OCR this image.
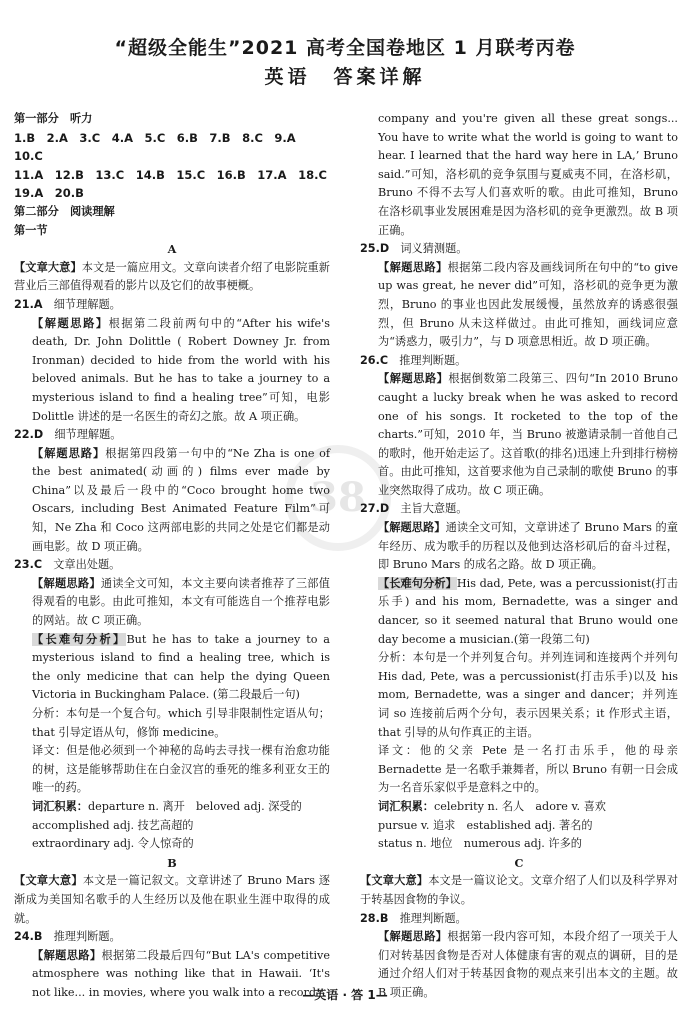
“超级全能生”2021 高考全国卷地区 1 月联考丙卷
英语　答案详解
38
第一部分　听力
1.B　2.A　3.C　4.A　5.C　6.B　7.B　8.C　9.A　10.C
11.A　12.B　13.C　14.B　15.C　16.B　17.A　18.C
19.A　20.B
第二部分　阅读理解
第一节
A

【文章大意】本文是一篇应用文。文章向读者介绍了电影院重新营业后三部值得观看的影片以及它们的故事梗概。

21.A　 细节理解题。

【解题思路】根据第二段前两句中的“After his wife's death, Dr. John Dolittle ( Robert Downey Jr. from Ironman) decided to hide from the world with his beloved animals. But he has to take a journey to a mysterious island to find a healing tree”可知，电影 Dolittle 讲述的是一名医生的奇幻之旅。故 A 项正确。

22.D　 细节理解题。

【解题思路】根据第四段第一句中的“Ne Zha is one of the best animated(动画的) films ever made by China”以及最后一段中的“Coco brought home two Oscars, including Best Animated Feature Film”可知，Ne Zha 和 Coco 这两部电影的共同之处是它们都是动画电影。故 D 项正确。

23.C　 文章出处题。

【解题思路】通读全文可知，本文主要向读者推荐了三部值得观看的电影。由此可推知，本文有可能选自一个推荐电影的网站。故 C 项正确。

【长难句分析】But he has to take a journey to a mysterious island to find a healing tree, which is the only medicine that can help the dying Queen Victoria in Buckingham Palace. (第二段最后一句)

分析：本句是一个复合句。which 引导非限制性定语从句；that 引导定语从句，修饰 medicine。

译文：但是他必须到一个神秘的岛屿去寻找一棵有治愈功能的树，这是能够帮助住在白金汉宫的垂死的维多利亚女王的唯一的药。

词汇积累：departure n. 离开　beloved adj. 深受的
accomplished adj. 技艺高超的
extraordinary adj. 令人惊奇的
B

【文章大意】本文是一篇记叙文。文章讲述了 Bruno Mars 逐渐成为美国知名歌手的人生经历以及他在职业生涯中取得的成就。

24.B　 推理判断题。

【解题思路】根据第二段最后四句“But LA's competitive atmosphere was nothing like that in Hawaii. ‘It's not like... in movies, where you walk into a record

company and you're given all these great songs... You have to write what the world is going to want to hear. I learned that the hard way here in LA,’ Bruno said.”可知，洛杉矶的竞争氛围与夏威夷不同，在洛杉矶，Bruno 不得不去写人们喜欢听的歌。由此可推知，Bruno 在洛杉矶事业发展困难是因为洛杉矶的竞争更激烈。故 B 项正确。

25.D　 词义猜测题。

【解题思路】根据第二段内容及画线词所在句中的“to give up was great, he never did”可知，洛杉矶的竞争更为激烈，Bruno 的事业也因此发展缓慢，虽然放弃的诱惑很强烈，但 Bruno 从未这样做过。由此可推知，画线词应意为“诱惑力，吸引力”，与 D 项意思相近。故 D 项正确。

26.C　 推理判断题。

【解题思路】根据倒数第二段第三、四句“In 2010 Bruno caught a lucky break when he was asked to record one of his songs. It rocketed to the top of the charts.”可知，2010 年，当 Bruno 被邀请录制一首他自己的歌时，他开始走运了。这首歌(的排名)迅速上升到排行榜榜首。由此可推知，这首要求他为自己录制的歌使 Bruno 的事业突然取得了成功。故 C 项正确。

27.D　 主旨大意题。

【解题思路】通读全文可知，文章讲述了 Bruno Mars 的童年经历、成为歌手的历程以及他到达洛杉矶后的奋斗过程，即 Bruno Mars 的成名之路。故 D 项正确。

【长难句分析】His dad, Pete, was a percussionist(打击乐手) and his mom, Bernadette, was a singer and dancer, so it seemed natural that Bruno would one day become a musician.(第一段第二句)

分析：本句是一个并列复合句。并列连词和连接两个并列句 His dad, Pete, was a percussionist(打击乐手)以及 his mom, Bernadette, was a singer and dancer；并列连词 so 连接前后两个分句，表示因果关系；it 作形式主语，that 引导的从句作真正的主语。

译文：他的父亲 Pete 是一名打击乐手，他的母亲 Bernadette 是一名歌手兼舞者，所以 Bruno 有朝一日会成为一名音乐家似乎是意料之中的。

词汇积累：celebrity n. 名人　adore v. 喜欢
pursue v. 追求　established adj. 著名的
status n. 地位　numerous adj. 许多的
C

【文章大意】本文是一篇议论文。文章介绍了人们以及科学界对于转基因食物的争议。

28.B　 推理判断题。

【解题思路】根据第一段内容可知，本段介绍了一项关于人们对转基因食物是否对人体健康有害的观点的调研，目的是通过介绍人们对于转基因食物的观点来引出本文的主题。故 B 项正确。

—英语 · 答 1—
